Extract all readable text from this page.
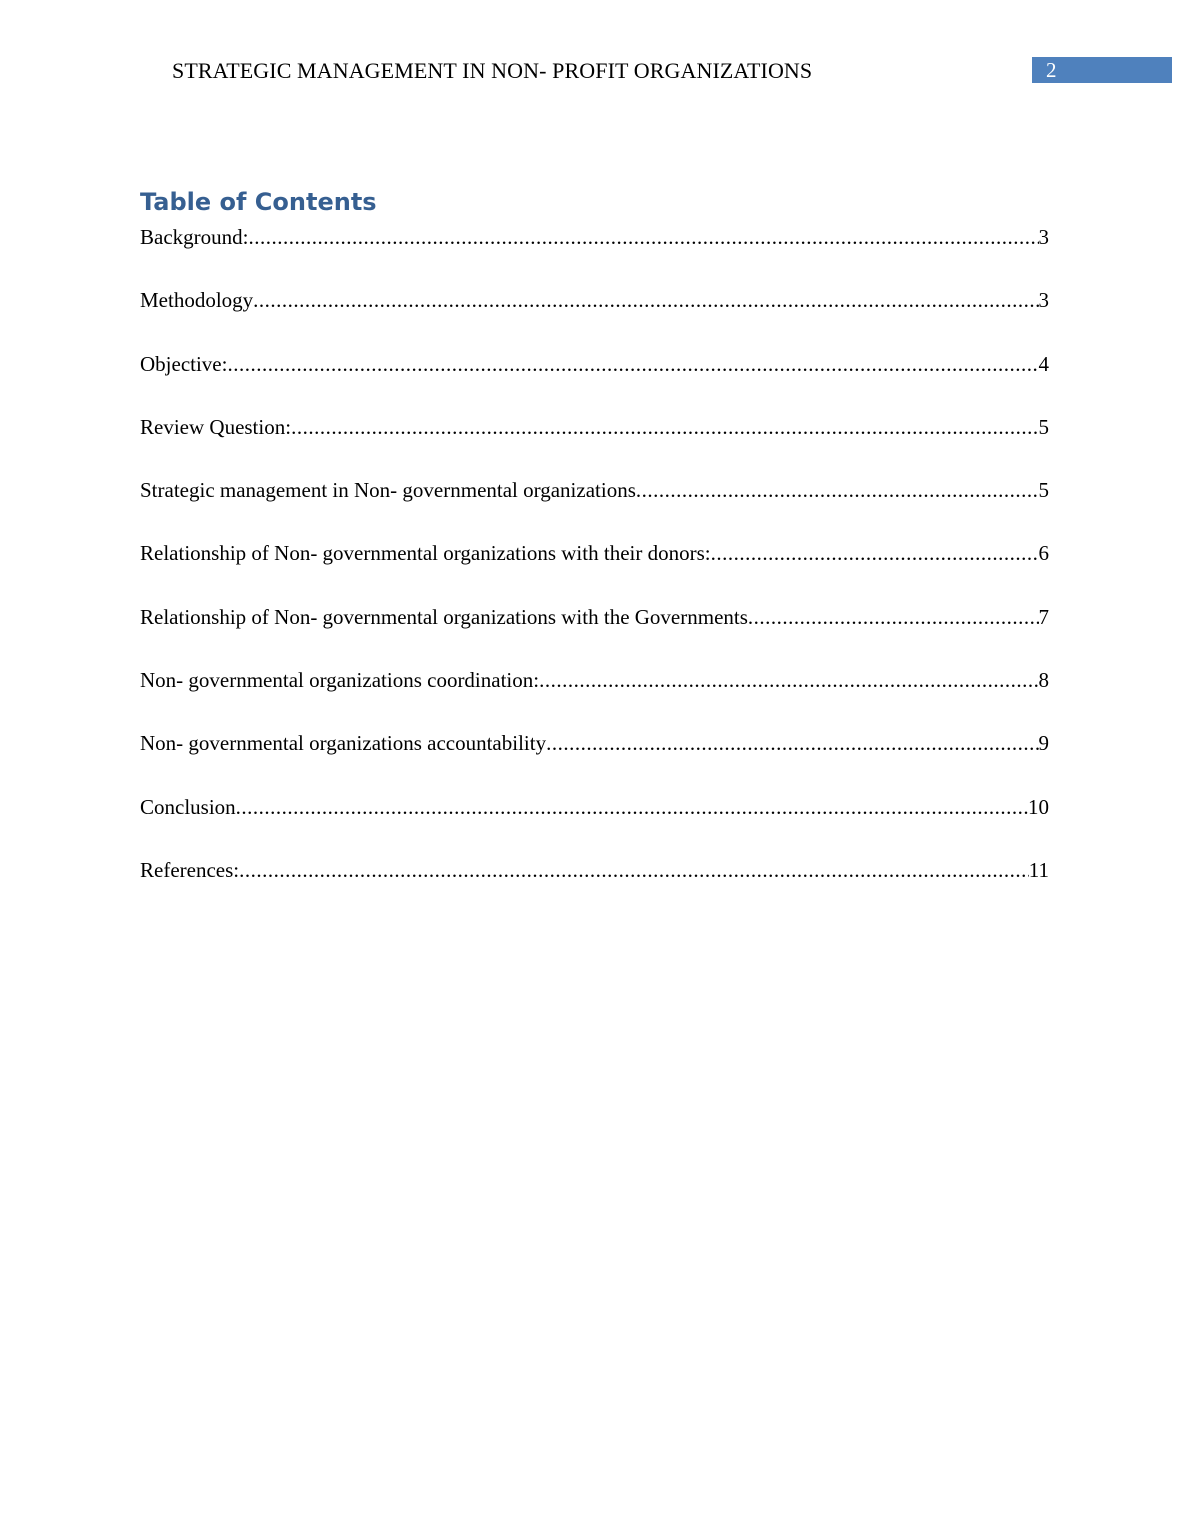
STRATEGIC MANAGEMENT IN NON- PROFIT ORGANIZATIONS	2
Table of Contents
Background: .....	3
Methodology .....	3
Objective: .....	4
Review Question: .....	5
Strategic management in Non- governmental organizations .....	5
Relationship of Non- governmental organizations with their donors: .....	6
Relationship of Non- governmental organizations with the Governments .....	7
Non- governmental organizations coordination: .....	8
Non- governmental organizations accountability .....	9
Conclusion .....	10
References: .....	11
